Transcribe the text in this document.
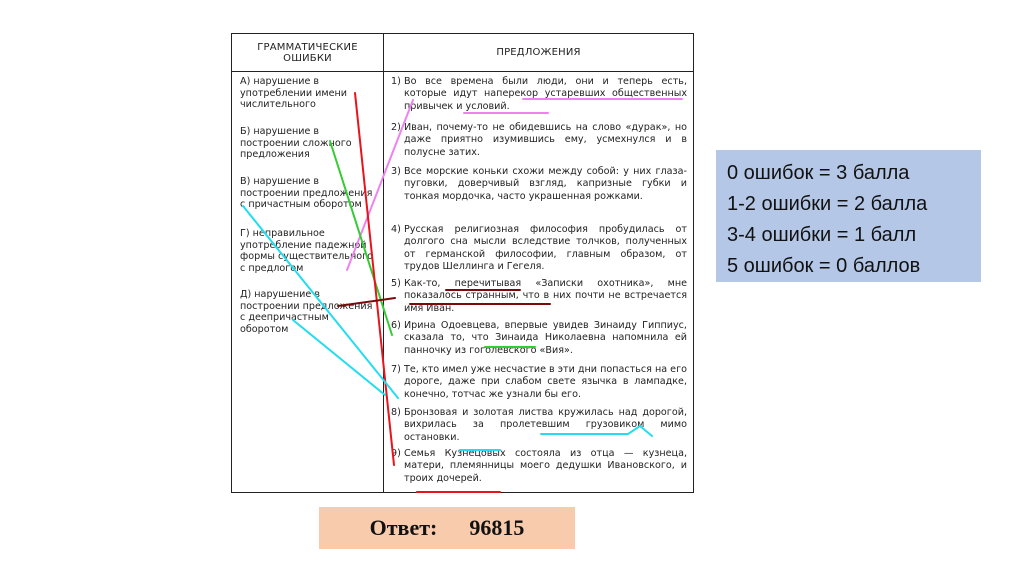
ГРАММАТИЧЕСКИЕ ОШИБКИ	ПРЕДЛОЖЕНИЯ
А) нарушение в употреблении имени числительного
Б) нарушение в построении сложного предложения
В) нарушение в построении предложения с причастным оборотом
Г) неправильное употребление падежной формы существительного с предлогом
Д) нарушение в построении предложения с деепричастным оборотом
1) Во все времена были люди, они и теперь есть, которые идут наперекор устаревших общественных привычек и условий.
2) Иван, почему-то не обидевшись на слово «дурак», но даже приятно изумившись ему, усмехнулся и в полусне затих.
3) Все морские коньки схожи между собой: у них глаза-пуговки, доверчивый взгляд, капризные губки и тонкая мордочка, часто украшенная рожками.
4) Русская религиозная философия пробудилась от долгого сна мысли вследствие толчков, полученных от германской философии, главным образом, от трудов Шеллинга и Гегеля.
5) Как-то, перечитывая «Записки охотника», мне показалось странным, что в них почти не встречается имя Иван.
6) Ирина Одоевцева, впервые увидев Зинаиду Гиппиус, сказала то, что Зинаида Николаевна напомнила ей панночку из гоголевского «Вия».
7) Те, кто имел уже несчастие в эти дни попасться на его дороге, даже при слабом свете язычка в лампадке, конечно, тотчас же узнали бы его.
8) Бронзовая и золотая листва кружилась над дорогой, вихрилась за пролетевшим грузовиком мимо остановки.
9) Семья Кузнецовых состояла из отца — кузнеца, матери, племянницы моего дедушки Ивановского, и троих дочерей.
0 ошибок = 3 балла
1-2 ошибки = 2 балла
3-4 ошибки = 1 балл
5 ошибок = 0 баллов
Ответ: 96815
